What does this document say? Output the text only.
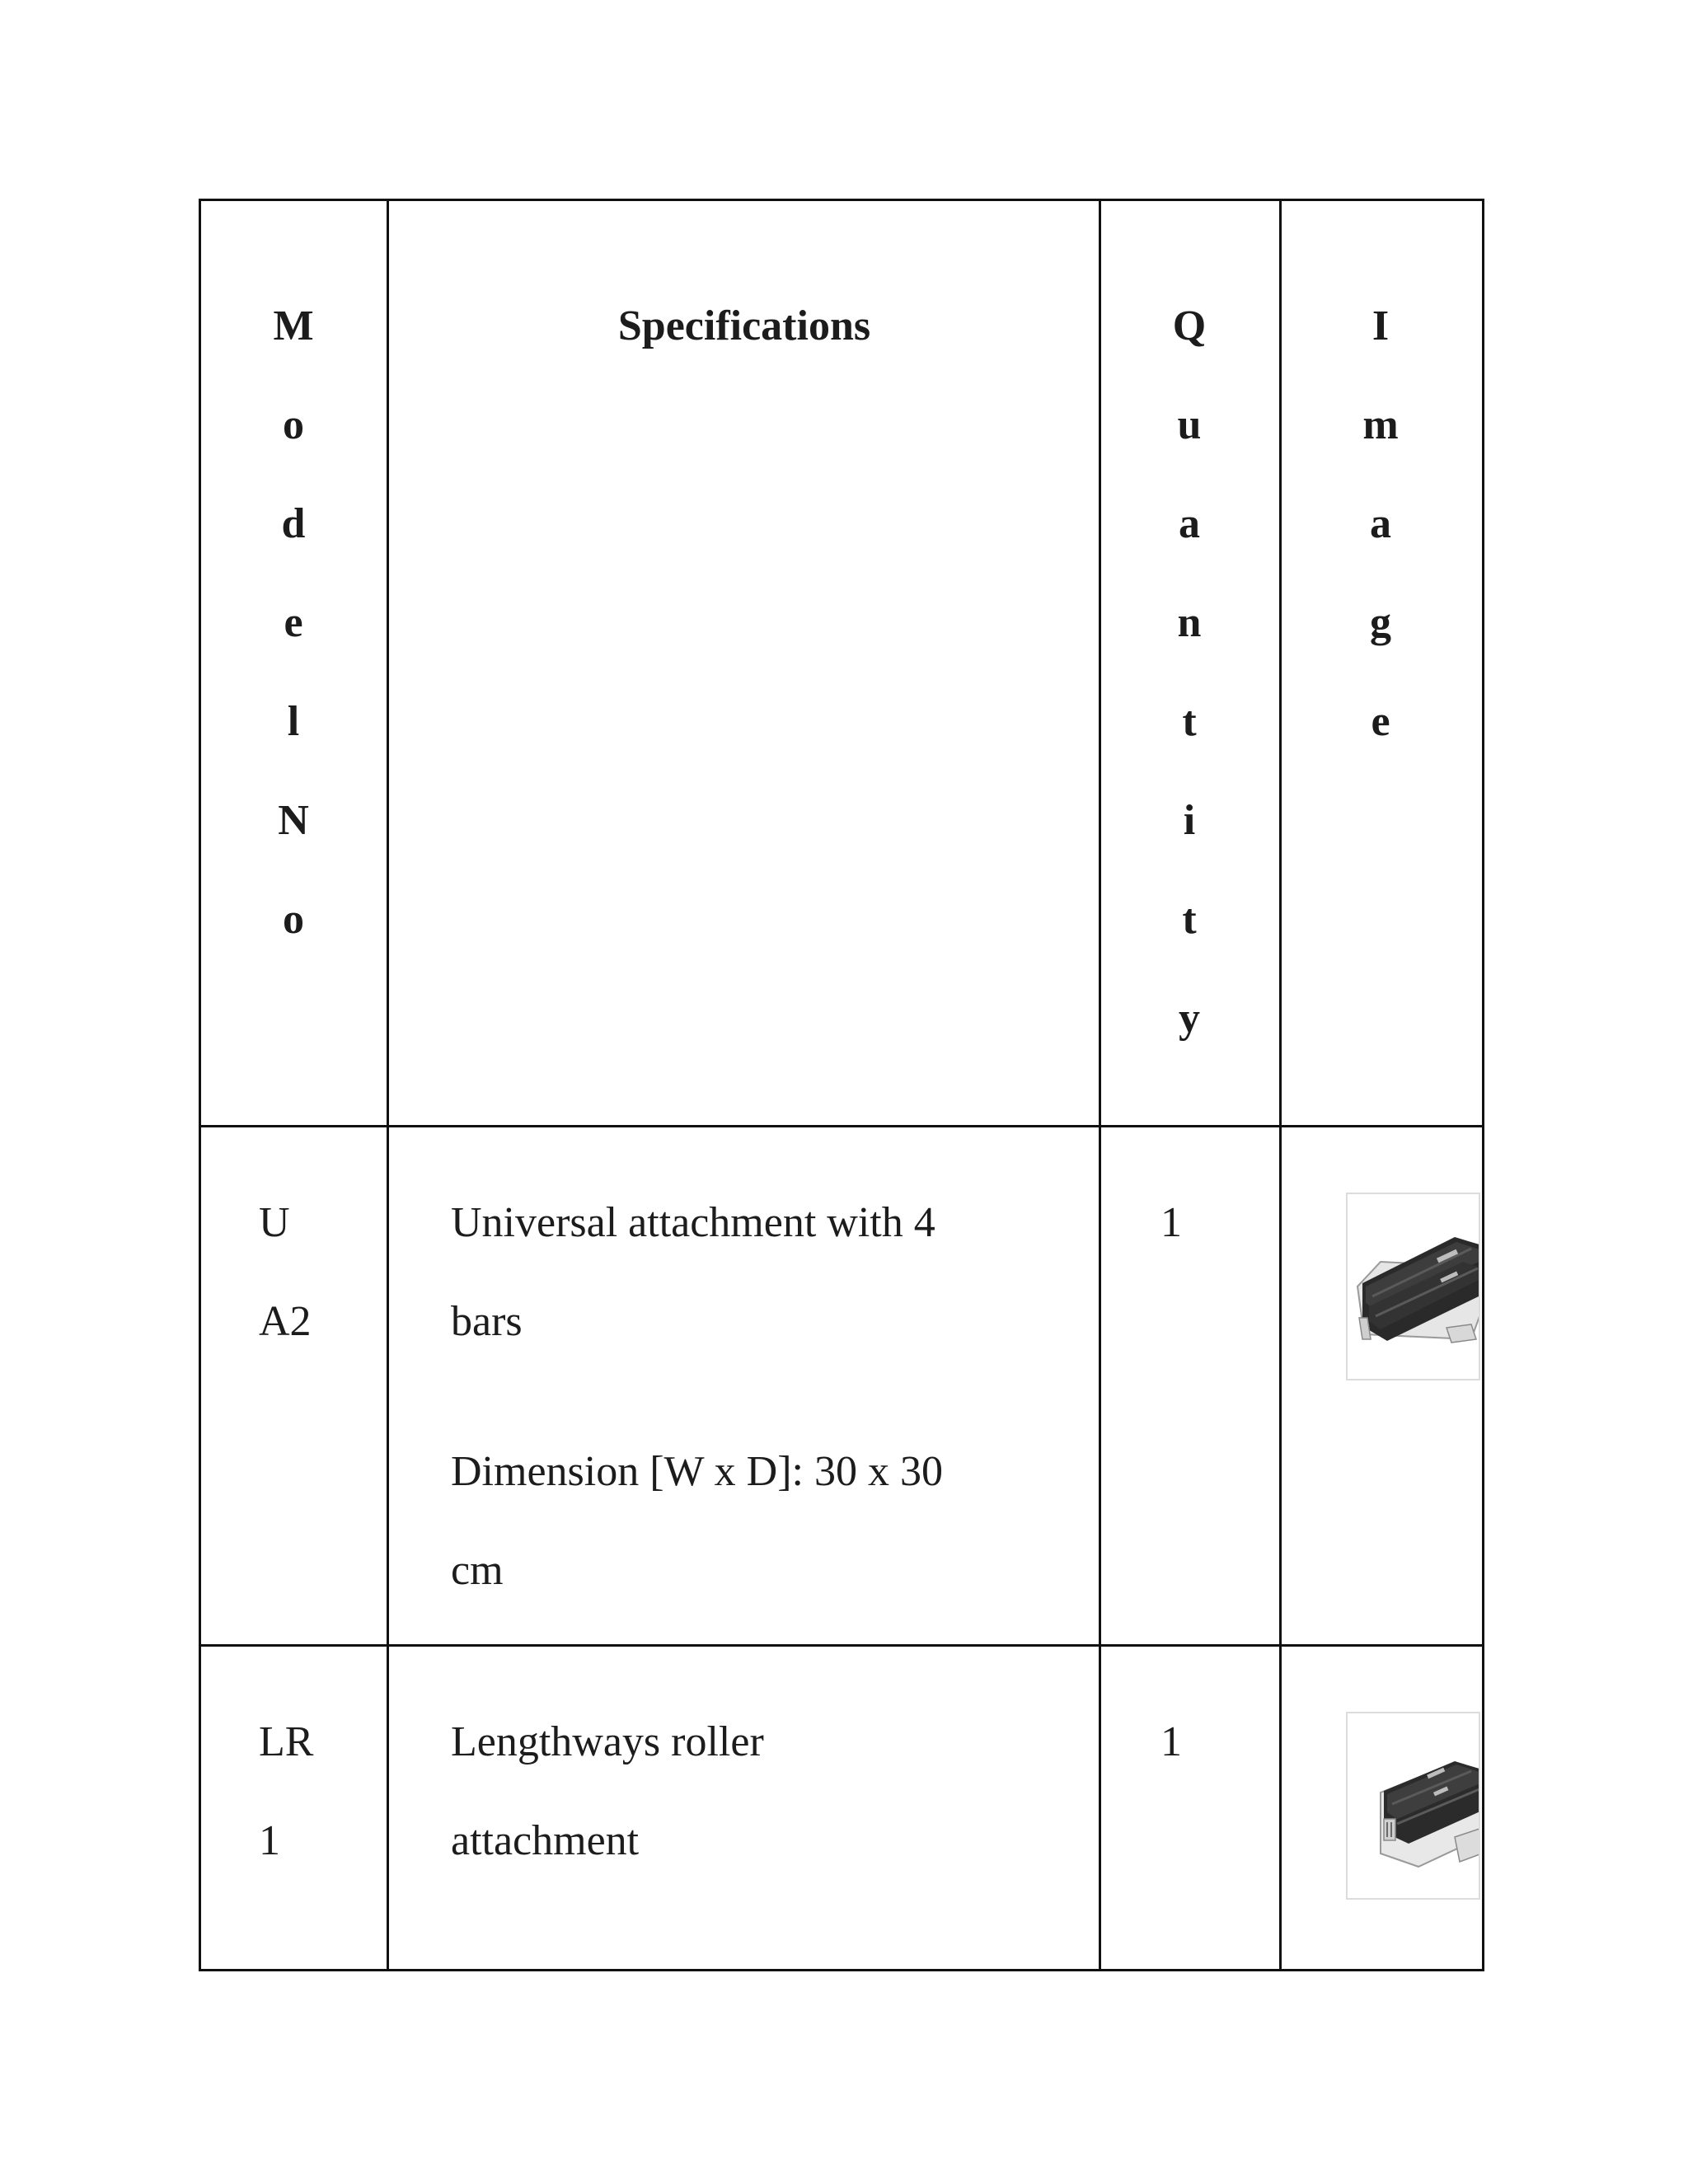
M
o
d
e
l
N
o
Specifications	Q
u
a
n
t
i
t
y
I
m
a
g
e
U
A2
Universal attachment with 4
bars
Dimension [W x D]: 30 x 30
cm
1
LR
1
Lengthways roller
attachment
1
